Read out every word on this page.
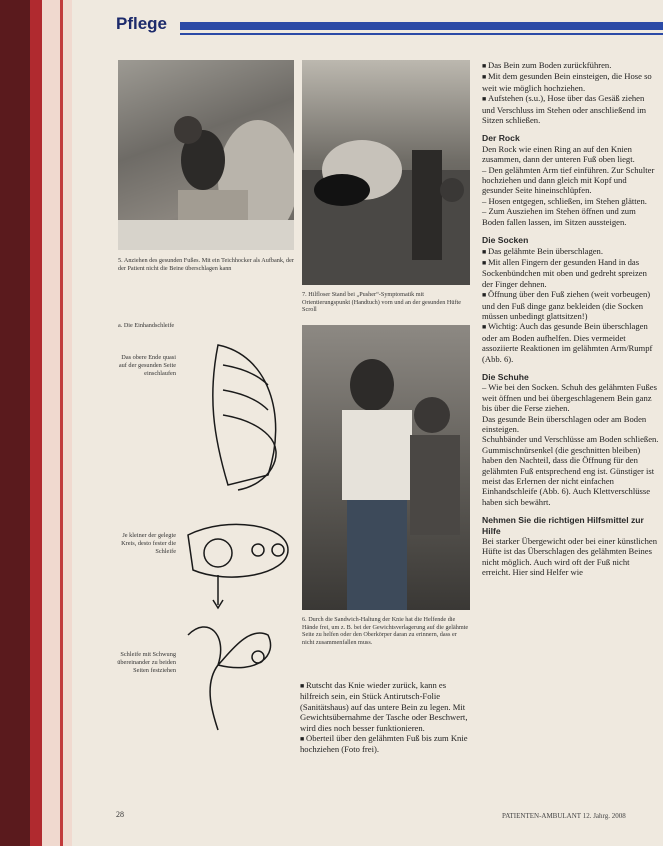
Pflege
5. Anziehen des gesunden Fußes. Mit ein Teichhocker als Aufbank, der der Patient nicht die Beine überschlagen kann
7. Hilfloser Stand bei „Pusher“-Symptomatik mit Orientierungspunkt (Handtuch) vorn und an der gesunden Hüfte Scroll
a. Die Einhandschleife
Das obere Ende quasi auf der gesunden Seite einschlaufen
Je kleiner der gelegte Kreis, desto fester die Schleife
Schleife mit Schwung übereinander zu beiden Seiten festziehen
6. Durch die Sandwich-Haltung der Knie hat die Helfende die Hände frei, um z. B. bei der Gewichtsverlagerung auf die gelähmte Seite zu helfen oder den Oberkörper daran zu erinnern, dass er nicht zusammenfallen muss.

■ Rutscht das Knie wieder zurück, kann es hilfreich sein, ein Stück Antirutsch-Folie (Sanitätshaus) auf das untere Bein zu legen. Mit Gewichtsübernahme der Tasche oder Beschwert, wird dies noch besser funktionieren.

■ Oberteil über den gelähmten Fuß bis zum Knie hochziehen (Foto frei).

■ Das Bein zum Boden zurückführen.

■ Mit dem gesunden Bein einsteigen, die Hose so weit wie möglich hochziehen.

■ Aufstehen (s.u.), Hose über das Gesäß ziehen und Verschluss im Stehen oder anschließend im Sitzen schließen.

Der Rock

Den Rock wie einen Ring an auf den Knien zusammen, dann der unteren Fuß oben liegt.

– Den gelähmten Arm tief einführen. Zur Schulter hochziehen und dann gleich mit Kopf und gesunder Seite hineinschlüpfen.

– Hosen entgegen, schließen, im Stehen glätten.

– Zum Ausziehen im Stehen öffnen und zum Boden fallen lassen, im Sitzen aussteigen.

Die Socken

■ Das gelähmte Bein überschlagen.

■ Mit allen Fingern der gesunden Hand in das Sockenbündchen mit oben und gedreht spreizen der Finger dehnen.

■ Öffnung über den Fuß ziehen (weit vorbeugen) und den Fuß dinge ganz bekleiden (die Socken müssen unbedingt glattsitzen!)

■ Wichtig: Auch das gesunde Bein überschlagen oder am Boden aufhelfen. Dies vermeidet assoziierte Reaktionen im gelähmten Arm/Rumpf (Abb. 6).

Die Schuhe

– Wie bei den Socken. Schuh des gelähmten Fußes weit öffnen und bei übergeschlagenem Bein ganz bis über die Ferse ziehen.

Das gesunde Bein überschlagen oder am Boden einsteigen.

Schuhbänder und Verschlüsse am Boden schließen. Gummischnürsenkel (die geschnitten bleiben) haben den Nachteil, dass die Öffnung für den gelähmten Fuß entsprechend eng ist. Günstiger ist meist das Erlernen der nicht einfachen Einhandschleife (Abb. 6). Auch Klettverschlüsse haben sich bewährt.

Nehmen Sie die richtigen Hilfsmittel zur Hilfe

Bei starker Übergewicht oder bei einer künstlichen Hüfte ist das Überschlagen des gelähmten Beines nicht möglich. Auch wird oft der Fuß nicht erreicht. Hier sind Helfer wie

28	PATIENTEN-AMBULANT 12. Jahrg. 2008
